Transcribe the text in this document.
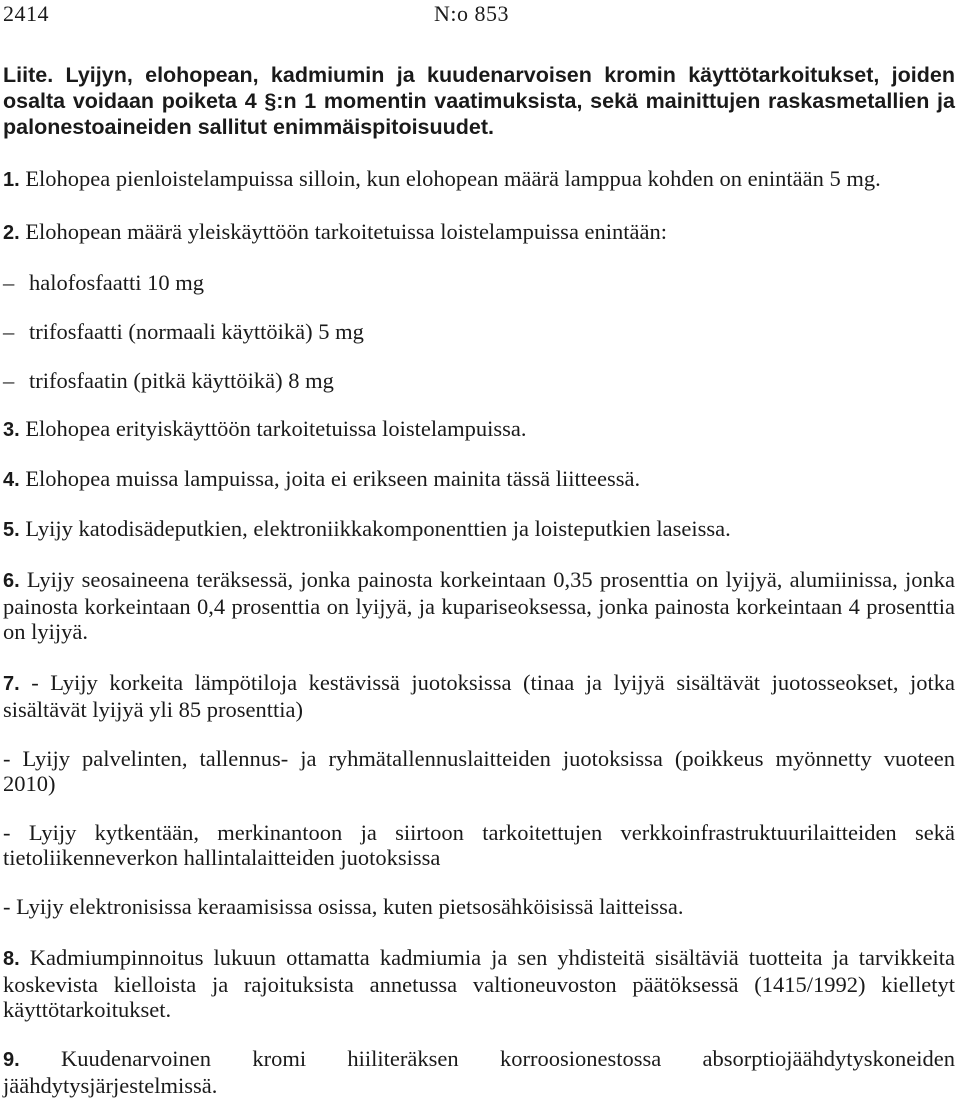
2414	N:o 853

Liite. Lyijyn, elohopean, kadmiumin ja kuudenarvoisen kromin käyttötarkoitukset, joiden osalta voidaan poiketa 4 §:n 1 momentin vaatimuksista, sekä mainittujen raskasmetallien ja palonestoaineiden sallitut enimmäispitoisuudet.

1. Elohopea pienloistelampuissa silloin, kun elohopean määrä lamppua kohden on enintään 5 mg.

2. Elohopean määrä yleiskäyttöön tarkoitetuissa loistelampuissa enintään:

– halofosfaatti 10 mg

– trifosfaatti (normaali käyttöikä) 5 mg

– trifosfaatin (pitkä käyttöikä) 8 mg

3. Elohopea erityiskäyttöön tarkoitetuissa loistelampuissa.

4. Elohopea muissa lampuissa, joita ei erikseen mainita tässä liitteessä.

5. Lyijy katodisädeputkien, elektroniikkakomponenttien ja loisteputkien laseissa.

6. Lyijy seosaineena teräksessä, jonka painosta korkeintaan 0,35 prosenttia on lyijyä, alumiinissa, jonka painosta korkeintaan 0,4 prosenttia on lyijyä, ja kupariseoksessa, jonka painosta korkeintaan 4 prosenttia on lyijyä.

7. - Lyijy korkeita lämpötiloja kestävissä juotoksissa (tinaa ja lyijyä sisältävät juotosseokset, jotka sisältävät lyijyä yli 85 prosenttia)

- Lyijy palvelinten, tallennus- ja ryhmätallennuslaitteiden juotoksissa (poikkeus myönnetty vuoteen 2010)

- Lyijy kytkentään, merkinantoon ja siirtoon tarkoitettujen verkkoinfrastruktuurilaitteiden sekä tietoliikenneverkon hallintalaitteiden juotoksissa

- Lyijy elektronisissa keraamisissa osissa, kuten pietsosähköisissä laitteissa.

8. Kadmiumpinnoitus lukuun ottamatta kadmiumia ja sen yhdisteitä sisältäviä tuotteita ja tarvikkeita koskevista kielloista ja rajoituksista annetussa valtioneuvoston päätöksessä (1415/1992) kielletyt käyttötarkoitukset.

9. Kuudenarvoinen kromi hiiliteräksen korroosionestossa absorptiojäähdytyskoneiden jäähdytysjärjestelmissä.
